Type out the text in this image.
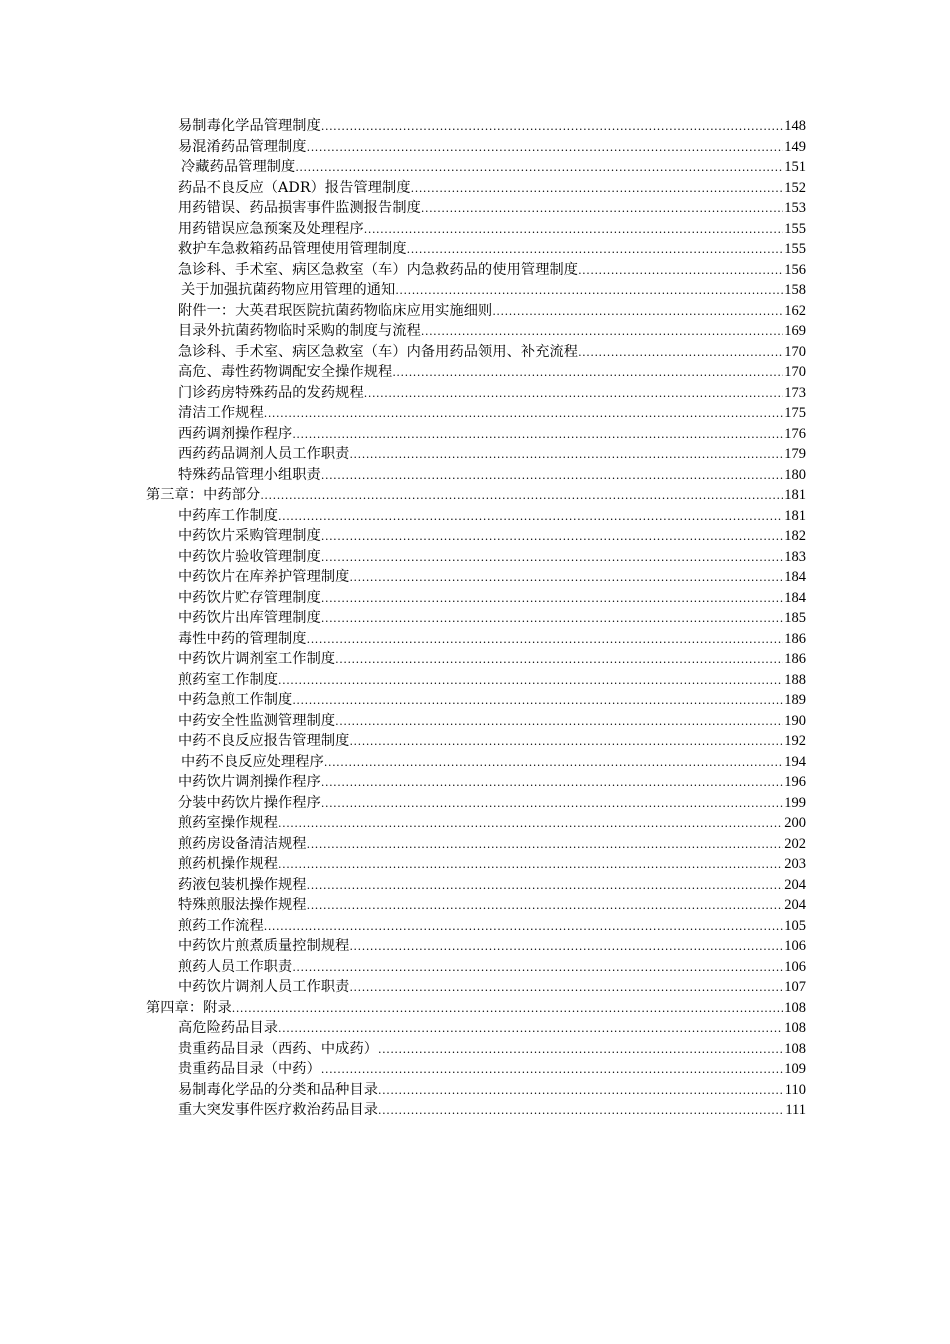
易制毒化学品管理制度 .....	148
易混淆药品管理制度 .....	149
冷藏药品管理制度 .....	151
药品不良反应（ADR）报告管理制度 .....	152
用药错误、药品损害事件监测报告制度 .....	153
用药错误应急预案及处理程序 .....	155
救护车急救箱药品管理使用管理制度 .....	155
急诊科、手术室、病区急救室（车）内急救药品的使用管理制度 .....	156
关于加强抗菌药物应用管理的通知 .....	158
附件一：大英君珉医院抗菌药物临床应用实施细则 .....	162
目录外抗菌药物临时采购的制度与流程 .....	169
急诊科、手术室、病区急救室（车）内备用药品领用、补充流程 .....	170
高危、毒性药物调配安全操作规程 .....	170
门诊药房特殊药品的发药规程 .....	173
清洁工作规程 .....	175
西药调剂操作程序 .....	176
西药药品调剂人员工作职责 .....	179
特殊药品管理小组职责 .....	180
第三章：中药部分 .....	181
中药库工作制度 .....	181
中药饮片采购管理制度 .....	182
中药饮片验收管理制度 .....	183
中药饮片在库养护管理制度 .....	184
中药饮片贮存管理制度 .....	184
中药饮片出库管理制度 .....	185
毒性中药的管理制度 .....	186
中药饮片调剂室工作制度 .....	186
煎药室工作制度 .....	188
中药急煎工作制度 .....	189
中药安全性监测管理制度 .....	190
中药不良反应报告管理制度 .....	192
中药不良反应处理程序 .....	194
中药饮片调剂操作程序 .....	196
分装中药饮片操作程序 .....	199
煎药室操作规程 .....	200
煎药房设备清洁规程 .....	202
煎药机操作规程 .....	203
药液包装机操作规程 .....	204
特殊煎服法操作规程 .....	204
煎药工作流程 .....	105
中药饮片煎煮质量控制规程 .....	106
煎药人员工作职责 .....	106
中药饮片调剂人员工作职责 .....	107
第四章：附录 .....	108
高危险药品目录 .....	108
贵重药品目录（西药、中成药） .....	108
贵重药品目录（中药） .....	109
易制毒化学品的分类和品种目录 .....	110
重大突发事件医疗救治药品目录 .....	111
